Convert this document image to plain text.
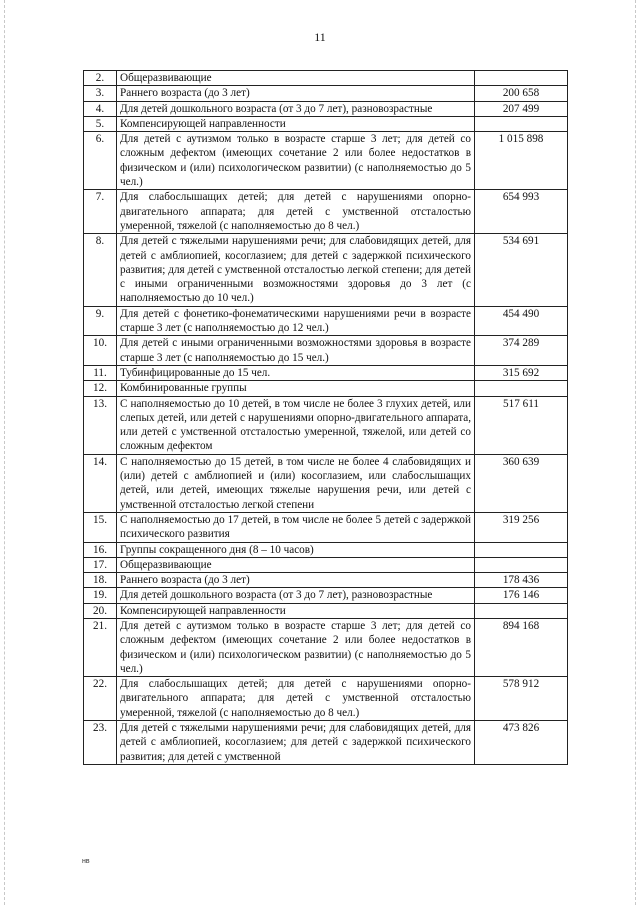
11
2.	Общеразвивающие	
3.	Раннего возраста (до 3 лет)	200 658
4.	Для детей дошкольного возраста (от 3 до 7 лет), разновозрастные	207 499
5.	Компенсирующей направленности	
6.	Для детей с аутизмом только в возрасте старше 3 лет; для детей со сложным дефектом (имеющих сочетание 2 или более недостатков в физическом и (или) психологическом развитии) (с наполняемостью до 5 чел.)	1 015 898
7.	Для слабослышащих детей; для детей с нарушениями опорно-двигательного аппарата; для детей с умственной отсталостью умеренной, тяжелой (с наполняемостью до 8 чел.)	654 993
8.	Для детей с тяжелыми нарушениями речи; для слабовидящих детей, для детей с амблиопией, косоглазием; для детей с задержкой психического развития; для детей с умственной отсталостью легкой степени; для детей с иными ограниченными возможностями здоровья до 3 лет (с наполняемостью до 10 чел.)	534 691
9.	Для детей с фонетико-фонематическими нарушениями речи в возрасте старше 3 лет (с наполняемостью до 12 чел.)	454 490
10.	Для детей с иными ограниченными возможностями здоровья в возрасте старше 3 лет (с наполняемостью до 15 чел.)	374 289
11.	Тубинфицированные до 15 чел.	315 692
12.	Комбинированные группы	
13.	С наполняемостью до 10 детей, в том числе не более 3 глухих детей, или слепых детей, или детей с нарушениями опорно-двигательного аппарата, или детей с умственной отсталостью умеренной, тяжелой, или детей со сложным дефектом	517 611
14.	С наполняемостью до 15 детей, в том числе не более 4 слабовидящих и (или) детей с амблиопией и (или) косоглазием, или слабослышащих детей, или детей, имеющих тяжелые нарушения речи, или детей с умственной отсталостью легкой степени	360 639
15.	С наполняемостью до 17 детей, в том числе не более 5 детей с задержкой психического развития	319 256
16.	Группы сокращенного дня (8 – 10 часов)	
17.	Общеразвивающие	
18.	Раннего возраста (до 3 лет)	178 436
19.	Для детей дошкольного возраста (от 3 до 7 лет), разновозрастные	176 146
20.	Компенсирующей направленности	
21.	Для детей с аутизмом только в возрасте старше 3 лет; для детей со сложным дефектом (имеющих сочетание 2 или более недостатков в физическом и (или) психологическом развитии) (с наполняемостью до 5 чел.)	894 168
22.	Для слабослышащих детей; для детей с нарушениями опорно-двигательного аппарата; для детей с умственной отсталостью умеренной, тяжелой (с наполняемостью до 8 чел.)	578 912
23.	Для детей с тяжелыми нарушениями речи; для слабовидящих детей, для детей с амблиопией, косоглазием; для детей с задержкой психического развития; для детей с умственной	473 826
нв
